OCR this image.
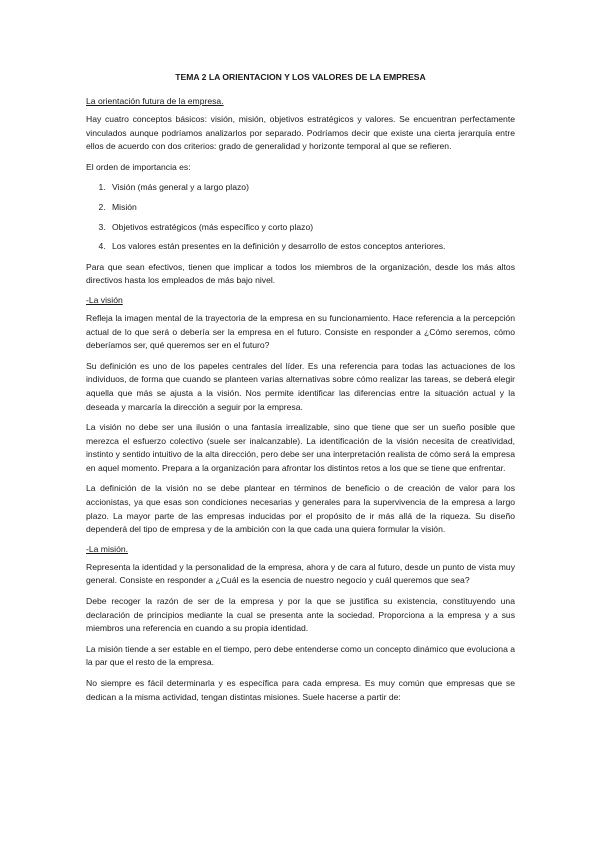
TEMA 2 LA ORIENTACION Y LOS VALORES DE LA EMPRESA
La orientación futura de la empresa.

Hay cuatro conceptos básicos: visión, misión, objetivos estratégicos y valores. Se encuentran perfectamente vinculados aunque podríamos analizarlos por separado. Podríamos decir que existe una cierta jerarquía entre ellos de acuerdo con dos criterios: grado de generalidad y horizonte temporal al que se refieren.

El orden de importancia es:

1. Visión (más general y a largo plazo)
2. Misión
3. Objetivos estratégicos (más específico y corto plazo)
4. Los valores están presentes en la definición y desarrollo de estos conceptos anteriores.

Para que sean efectivos, tienen que implicar a todos los miembros de la organización, desde los más altos directivos hasta los empleados de más bajo nivel.

-La visión

Refleja la imagen mental de la trayectoria de la empresa en su funcionamiento. Hace referencia a la percepción actual de lo que será o debería ser la empresa en el futuro. Consiste en responder a ¿Cómo seremos, cómo deberíamos ser, qué queremos ser en el futuro?

Su definición es uno de los papeles centrales del líder. Es una referencia para todas las actuaciones de los individuos, de forma que cuando se planteen varias alternativas sobre cómo realizar las tareas, se deberá elegir aquella que más se ajusta a la visión. Nos permite identificar las diferencias entre la situación actual y la deseada y marcaría la dirección a seguir por la empresa.

La visión no debe ser una ilusión o una fantasía irrealizable, sino que tiene que ser un sueño posible que merezca el esfuerzo colectivo (suele ser inalcanzable). La identificación de la visión necesita de creatividad, instinto y sentido intuitivo de la alta dirección, pero debe ser una interpretación realista de cómo será la empresa en aquel momento. Prepara a la organización para afrontar los distintos retos a los que se tiene que enfrentar.

La definición de la visión no se debe plantear en términos de beneficio o de creación de valor para los accionistas, ya que esas son condiciones necesarias y generales para la supervivencia de la empresa a largo plazo. La mayor parte de las empresas inducidas por el propósito de ir más allá de la riqueza. Su diseño dependerá del tipo de empresa y de la ambición con la que cada una quiera formular la visión.

-La misión.

Representa la identidad y la personalidad de la empresa, ahora y de cara al futuro, desde un punto de vista muy general. Consiste en responder a ¿Cuál es la esencia de nuestro negocio y cuál queremos que sea?

Debe recoger la razón de ser de la empresa y por la que se justifica su existencia, constituyendo una declaración de principios mediante la cual se presenta ante la sociedad. Proporciona a la empresa y a sus miembros una referencia en cuando a su propia identidad.

La misión tiende a ser estable en el tiempo, pero debe entenderse como un concepto dinámico que evoluciona a la par que el resto de la empresa.

No siempre es fácil determinarla y es específica para cada empresa. Es muy común que empresas que se dedican a la misma actividad, tengan distintas misiones. Suele hacerse a partir de:
